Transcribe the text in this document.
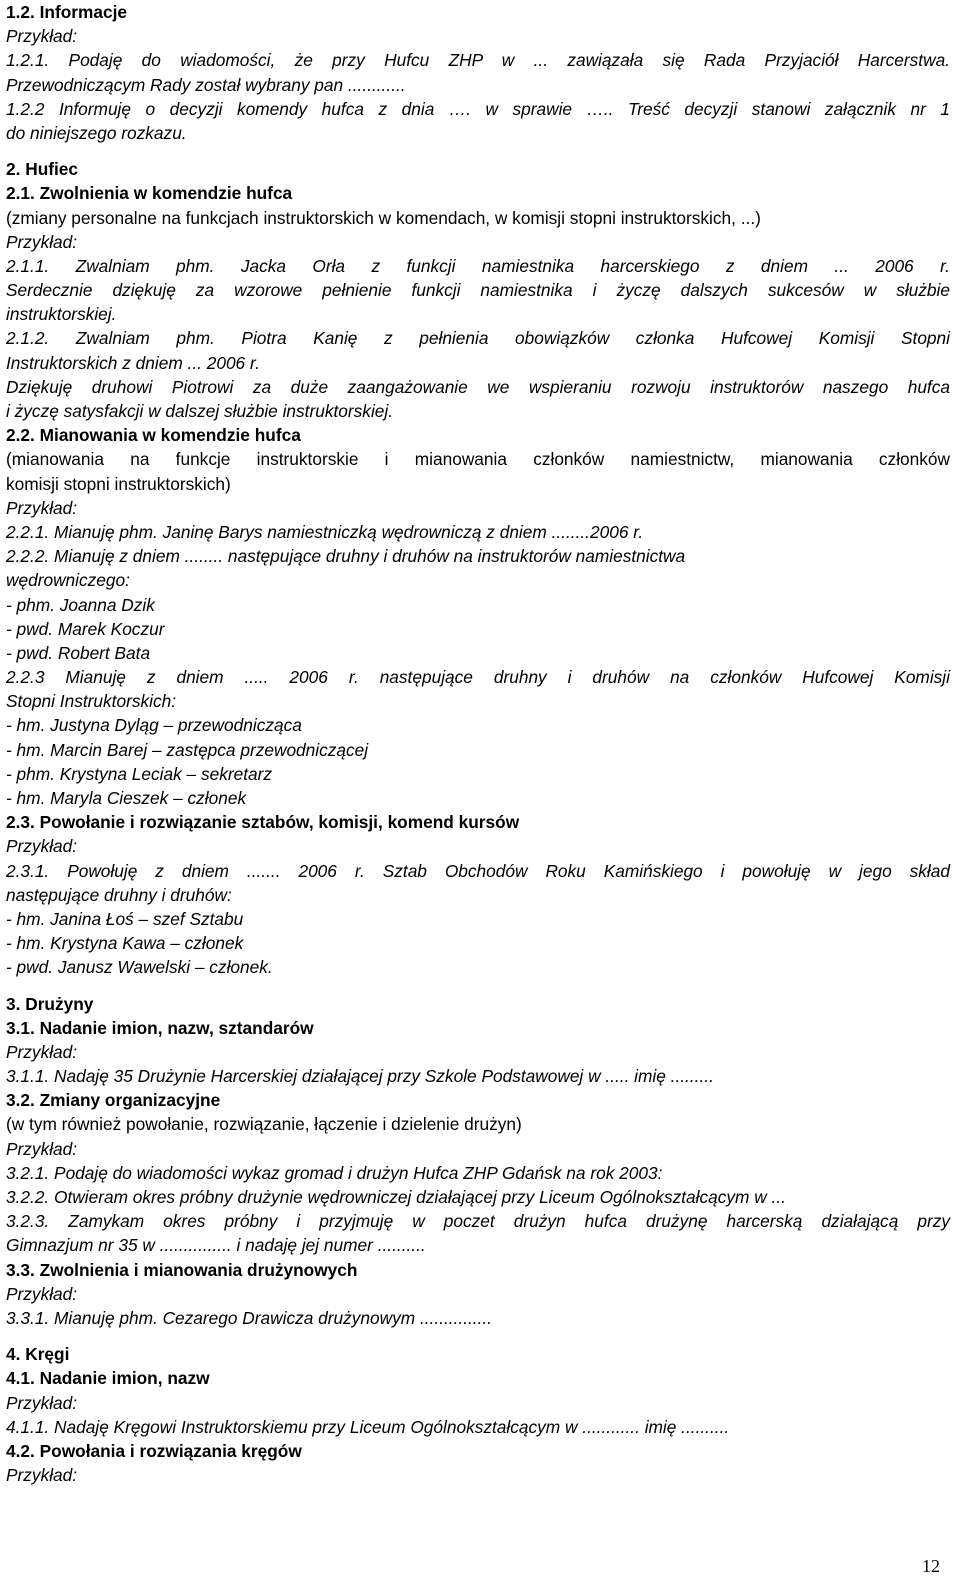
1.2. Informacje
Przykład:
1.2.1. Podaję do wiadomości, że przy Hufcu ZHP w ... zawiązała się Rada Przyjaciół Harcerstwa.
Przewodniczącym Rady został wybrany pan ............
1.2.2 Informuję o decyzji komendy hufca z dnia …. w sprawie ….. Treść decyzji stanowi załącznik nr 1
do niniejszego rozkazu.
2. Hufiec
2.1. Zwolnienia w komendzie hufca
(zmiany personalne na funkcjach instruktorskich w komendach, w komisji stopni instruktorskich, ...)
Przykład:
2.1.1. Zwalniam phm. Jacka Orła z funkcji namiestnika harcerskiego z dniem ... 2006 r.
Serdecznie dziękuję za wzorowe pełnienie funkcji namiestnika i życzę dalszych sukcesów w służbie
instruktorskiej.
2.1.2. Zwalniam phm. Piotra Kanię z pełnienia obowiązków członka Hufcowej Komisji Stopni
Instruktorskich z dniem ... 2006 r.
Dziękuję druhowi Piotrowi za duże zaangażowanie we wspieraniu rozwoju instruktorów naszego hufca
i życzę satysfakcji w dalszej służbie instruktorskiej.
2.2. Mianowania w komendzie hufca
(mianowania na funkcje instruktorskie i mianowania członków namiestnictw, mianowania członków
komisji stopni instruktorskich)
Przykład:
2.2.1. Mianuję phm. Janinę Barys namiestniczką wędrowniczą z dniem ........2006 r.
2.2.2. Mianuję z dniem ........ następujące druhny i druhów na instruktorów namiestnictwa
wędrowniczego:
- phm. Joanna Dzik
- pwd. Marek Koczur
- pwd. Robert Bata
2.2.3 Mianuję z dniem ..... 2006 r. następujące druhny i druhów na członków Hufcowej Komisji
Stopni Instruktorskich:
- hm. Justyna Dyląg – przewodnicząca
- hm. Marcin Barej – zastępca przewodniczącej
- phm. Krystyna Leciak – sekretarz
- hm. Maryla Cieszek – członek
2.3. Powołanie i rozwiązanie sztabów, komisji, komend kursów
Przykład:
2.3.1. Powołuję z dniem ....... 2006 r. Sztab Obchodów Roku Kamińskiego i powołuję w jego skład
następujące druhny i druhów:
- hm. Janina Łoś – szef Sztabu
- hm. Krystyna Kawa – członek
- pwd. Janusz Wawelski – członek.
3. Drużyny
3.1. Nadanie imion, nazw, sztandarów
Przykład:
3.1.1. Nadaję 35 Drużynie Harcerskiej działającej przy Szkole Podstawowej w ..... imię .........
3.2. Zmiany organizacyjne
(w tym również powołanie, rozwiązanie, łączenie i dzielenie drużyn)
Przykład:
3.2.1. Podaję do wiadomości wykaz gromad i drużyn Hufca ZHP Gdańsk na rok 2003:
3.2.2. Otwieram okres próbny drużynie wędrowniczej działającej przy Liceum Ogólnokształcącym w ...
3.2.3. Zamykam okres próbny i przyjmuję w poczet drużyn hufca drużynę harcerską działającą przy
Gimnazjum nr 35 w ............... i nadaję jej numer ..........
3.3. Zwolnienia i mianowania drużynowych
Przykład:
3.3.1. Mianuję phm. Cezarego Drawicza drużynowym ...............
4. Kręgi
4.1. Nadanie imion, nazw
Przykład:
4.1.1. Nadaję Kręgowi Instruktorskiemu przy Liceum Ogólnokształcącym w ............ imię ..........
4.2. Powołania i rozwiązania kręgów
Przykład:
12
